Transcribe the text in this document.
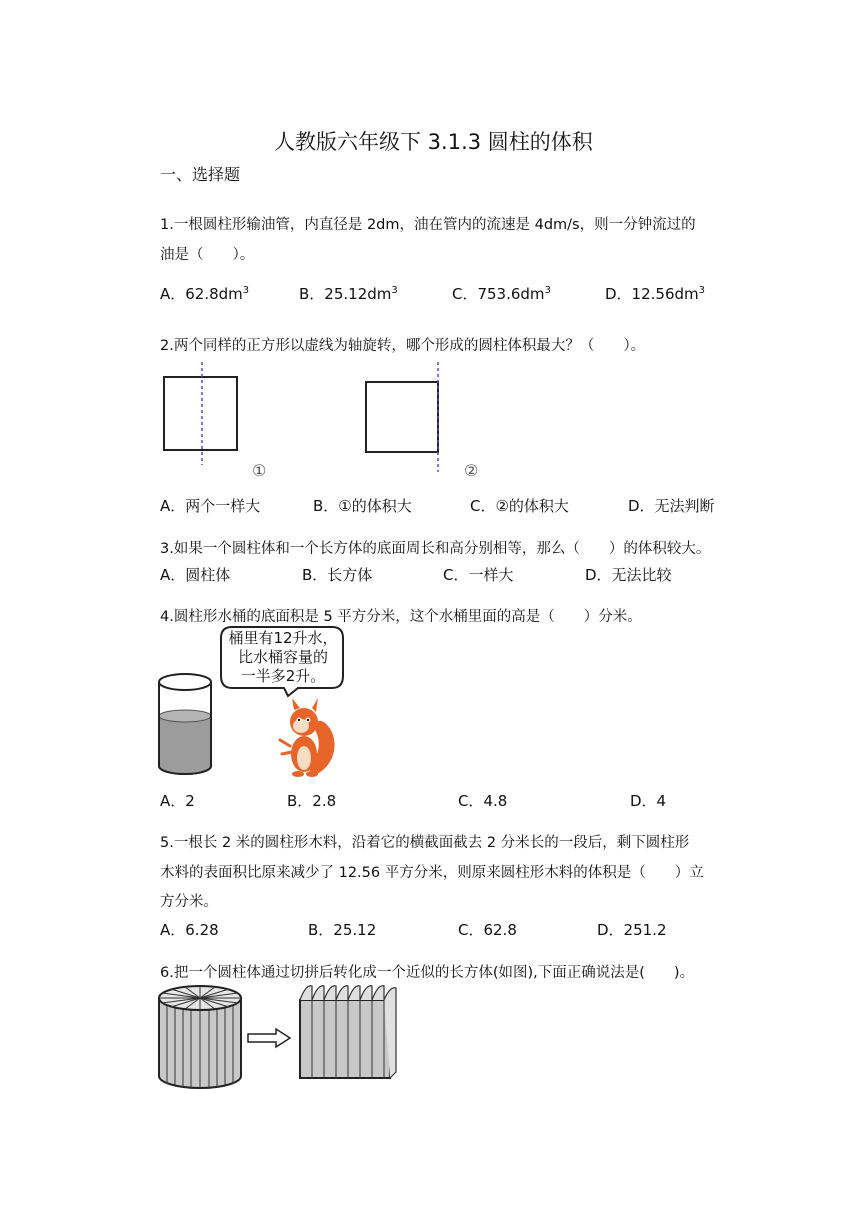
人教版六年级下 3.1.3 圆柱的体积
一、选择题
1.一根圆柱形输油管，内直径是 2dm，油在管内的流速是 4dm/s，则一分钟流过的
油是（　　）。
A．$62.8dm^3$	B．$25.12dm^3$	C．$753.6dm^3$	D．$12.56dm^3$
2.两个同样的正方形以虚线为轴旋转，哪个形成的圆柱体积最大？（　　）。
①	②
A．两个一样大	B．①的体积大	C．②的体积大	D．无法判断
3.如果一个圆柱体和一个长方体的底面周长和高分别相等，那么（　　）的体积较大。
A．圆柱体	B．长方体	C．一样大	D．无法比较
4.圆柱形水桶的底面积是 5 平方分米，这个水桶里面的高是（　　）分米。
桶里有12升水，
比水桶容量的
一半多2升。
A．2	B．2.8	C．4.8	D．4
5.一根长 2 米的圆柱形木料，沿着它的横截面截去 2 分米长的一段后，剩下圆柱形
木料的表面积比原来减少了 12.56 平方分米，则原来圆柱形木料的体积是（　　）立
方分米。
A．6.28	B．25.12	C．62.8	D．251.2
6.把一个圆柱体通过切拼后转化成一个近似的长方体(如图),下面正确说法是(　　)。
